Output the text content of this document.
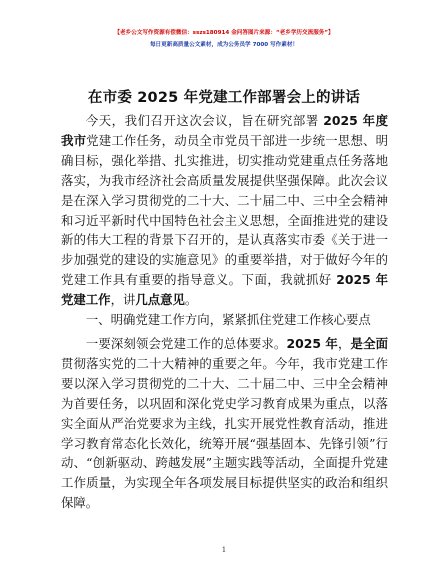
【老乡公文写作资源有偿微信：sszs180914 金问答图片来源：“老乡学历交流服务”】
每日更新高质量公文素材，成为公务员学 7000 写作素材！
在市委 2025 年党建工作部署会上的讲话

今天，我们召开这次会议，旨在研究部署 2025 年度我市党建工作任务，动员全市党员干部进一步统一思想、明确目标，强化举措、扎实推进，切实推动党建重点任务落地落实，为我市经济社会高质量发展提供坚强保障。此次会议是在深入学习贯彻党的二十大、二十届二中、三中全会精神和习近平新时代中国特色社会主义思想，全面推进党的建设新的伟大工程的背景下召开的，是认真落实市委《关于进一步加强党的建设的实施意见》的重要举措，对于做好今年的党建工作具有重要的指导意义。下面，我就抓好 2025 年党建工作，讲几点意见。

一、明确党建工作方向，紧紧抓住党建工作核心要点

一要深刻领会党建工作的总体要求。2025 年，是全面贯彻落实党的二十大精神的重要之年。今年，我市党建工作要以深入学习贯彻党的二十大、二十届二中、三中全会精神为首要任务，以巩固和深化党史学习教育成果为重点，以落实全面从严治党要求为主线，扎实开展党性教育活动，推进学习教育常态化长效化，统筹开展“强基固本、先锋引领”行动、“创新驱动、跨越发展”主题实践等活动，全面提升党建工作质量，为实现全年各项发展目标提供坚实的政治和组织保障。

1
